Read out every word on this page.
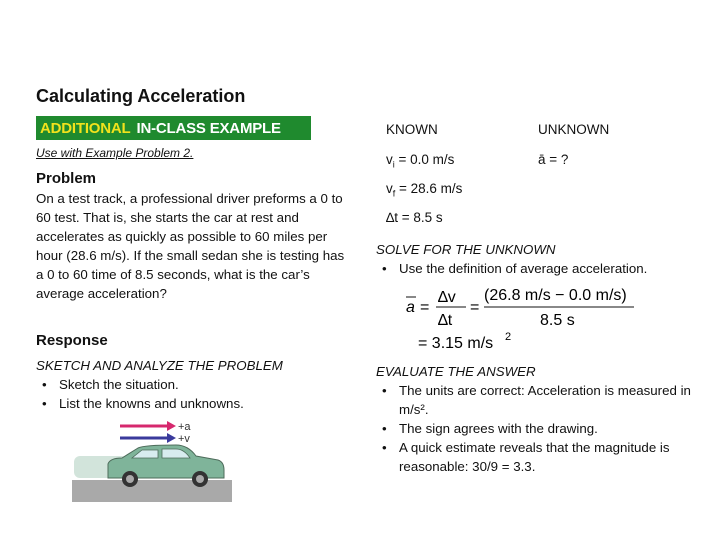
Calculating Acceleration
ADDITIONAL IN-CLASS EXAMPLE
Use with Example Problem 2.
Problem
On a test track, a professional driver preforms a 0 to 60 test. That is, she starts the car at rest and accelerates as quickly as possible to 60 miles per hour (28.6 m/s). If the small sedan she is testing has a 0 to 60 time of 8.5 seconds, what is the car’s average acceleration?
Response
SKETCH AND ANALYZE THE PROBLEM
• Sketch the situation.
• List the knowns and unknowns.
+a
+v
KNOWN	UNKNOWN
$v_i = 0.0$ m/s	ā = ?
$v_f = 28.6$ m/s
∆t = 8.5 s
SOLVE FOR THE UNKNOWN
• Use the definition of average acceleration.
a =
∆v
∆t
=
(26.8 m/s − 0.0 m/s)
8.5 s
= 3.15 m/s 2
EVALUATE THE ANSWER
• The units are correct: Acceleration is measured in m/s².
• The sign agrees with the drawing.
• A quick estimate reveals that the magnitude is reasonable: 30/9 = 3.3.
